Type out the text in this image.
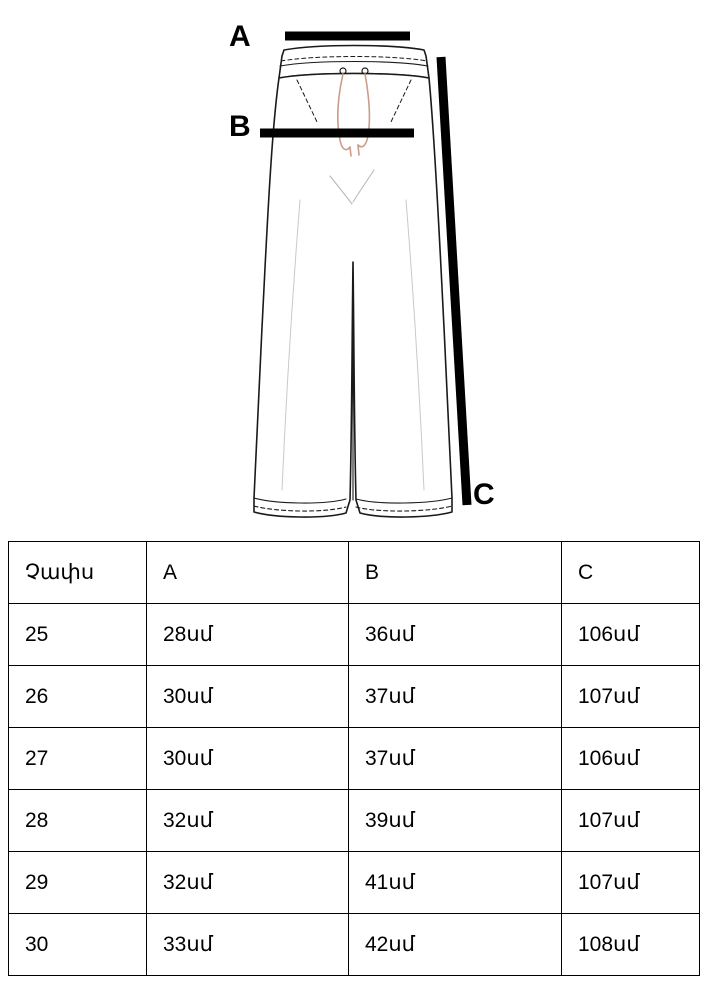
A
B
C
Չափս	A	B	C
25	28սմ	36սմ	106սմ
26	30սմ	37սմ	107սմ
27	30սմ	37սմ	106սմ
28	32սմ	39սմ	107սմ
29	32սմ	41սմ	107սմ
30	33սմ	42սմ	108սմ
